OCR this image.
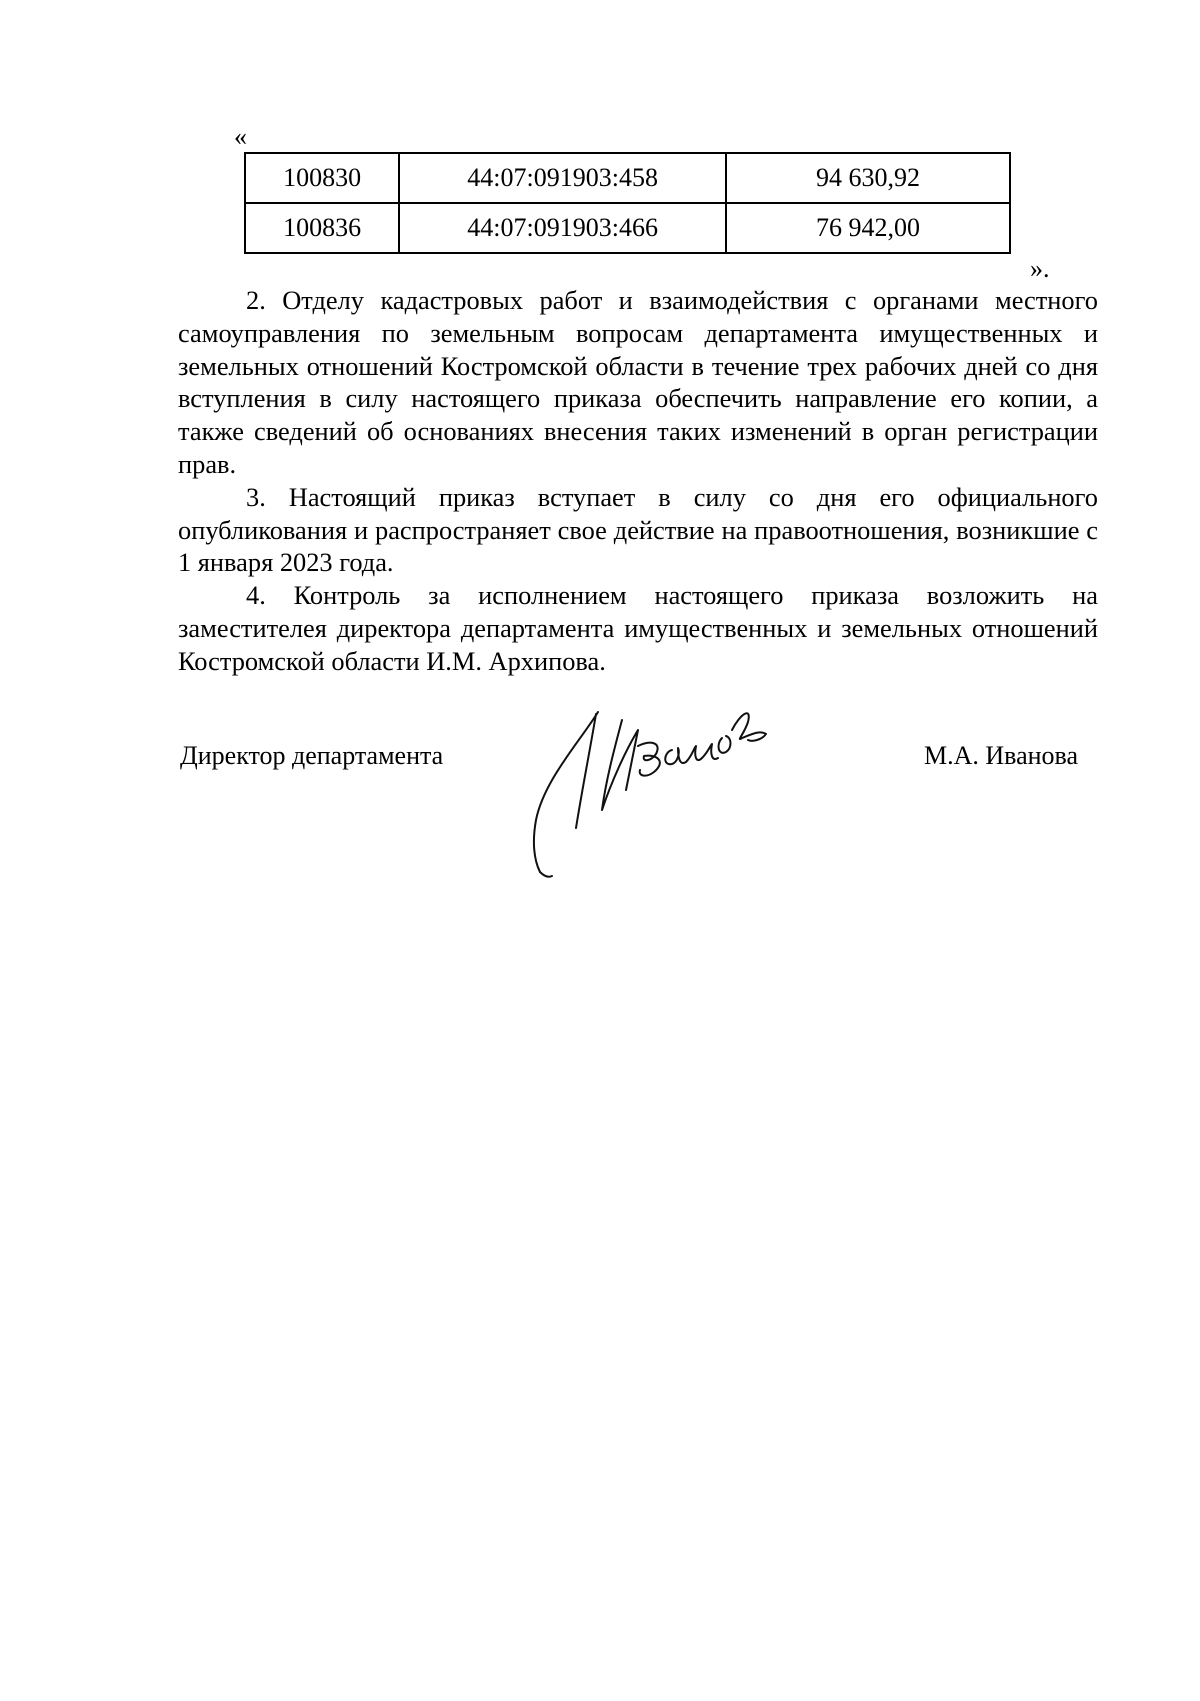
«
100830	44:07:091903:458	94 630,92
100836	44:07:091903:466	76 942,00
».

2. Отделу кадастровых работ и взаимодействия с органами местного самоуправления по земельным вопросам департамента имущественных и земельных отношений Костромской области в течение трех рабочих дней со дня вступления в силу настоящего приказа обеспечить направление его копии, а также сведений об основаниях внесения таких изменений в орган регистрации прав.

3. Настоящий приказ вступает в силу со дня его официального опубликования и распространяет свое действие на правоотношения, возникшие с 1 января 2023 года.

4. Контроль за исполнением настоящего приказа возложить на заместителея директора департамента имущественных и земельных отношений Костромской области И.М. Архипова.

Директор департамента	М.А. Иванова
